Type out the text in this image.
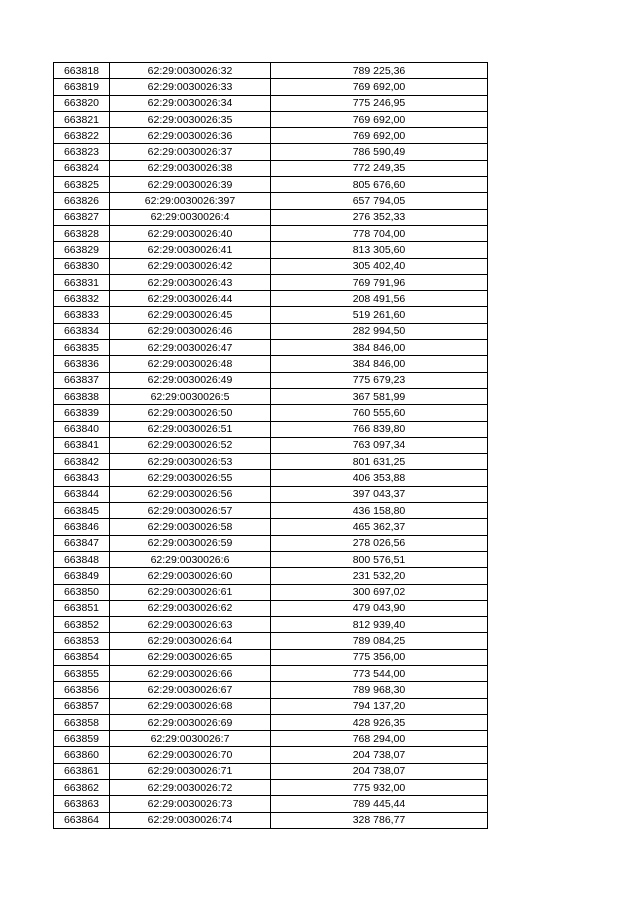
663818	62:29:0030026:32	789 225,36
663819	62:29:0030026:33	769 692,00
663820	62:29:0030026:34	775 246,95
663821	62:29:0030026:35	769 692,00
663822	62:29:0030026:36	769 692,00
663823	62:29:0030026:37	786 590,49
663824	62:29:0030026:38	772 249,35
663825	62:29:0030026:39	805 676,60
663826	62:29:0030026:397	657 794,05
663827	62:29:0030026:4	276 352,33
663828	62:29:0030026:40	778 704,00
663829	62:29:0030026:41	813 305,60
663830	62:29:0030026:42	305 402,40
663831	62:29:0030026:43	769 791,96
663832	62:29:0030026:44	208 491,56
663833	62:29:0030026:45	519 261,60
663834	62:29:0030026:46	282 994,50
663835	62:29:0030026:47	384 846,00
663836	62:29:0030026:48	384 846,00
663837	62:29:0030026:49	775 679,23
663838	62:29:0030026:5	367 581,99
663839	62:29:0030026:50	760 555,60
663840	62:29:0030026:51	766 839,80
663841	62:29:0030026:52	763 097,34
663842	62:29:0030026:53	801 631,25
663843	62:29:0030026:55	406 353,88
663844	62:29:0030026:56	397 043,37
663845	62:29:0030026:57	436 158,80
663846	62:29:0030026:58	465 362,37
663847	62:29:0030026:59	278 026,56
663848	62:29:0030026:6	800 576,51
663849	62:29:0030026:60	231 532,20
663850	62:29:0030026:61	300 697,02
663851	62:29:0030026:62	479 043,90
663852	62:29:0030026:63	812 939,40
663853	62:29:0030026:64	789 084,25
663854	62:29:0030026:65	775 356,00
663855	62:29:0030026:66	773 544,00
663856	62:29:0030026:67	789 968,30
663857	62:29:0030026:68	794 137,20
663858	62:29:0030026:69	428 926,35
663859	62:29:0030026:7	768 294,00
663860	62:29:0030026:70	204 738,07
663861	62:29:0030026:71	204 738,07
663862	62:29:0030026:72	775 932,00
663863	62:29:0030026:73	789 445,44
663864	62:29:0030026:74	328 786,77
